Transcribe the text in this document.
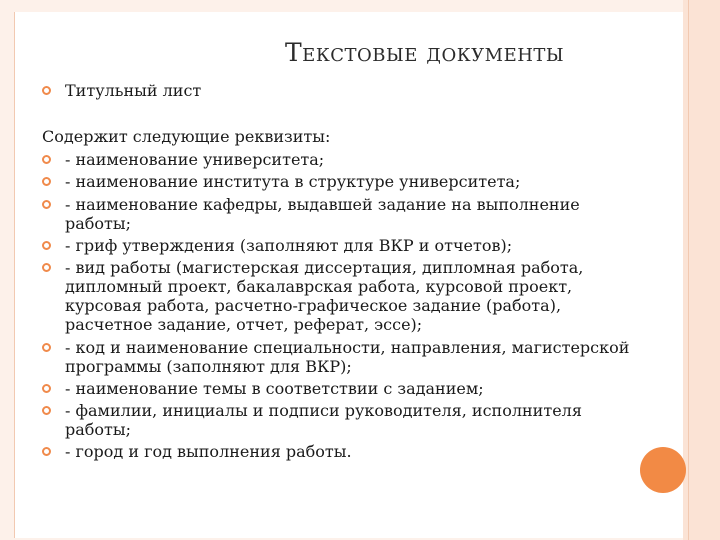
Текстовые документы
Титульный лист
Содержит следующие реквизиты:
- наименование университета;
- наименование института в структуре университета;
- наименование кафедры, выдавшей задание на выполнение
работы;
- гриф утверждения (заполняют для ВКР и отчетов);
- вид работы (магистерская диссертация, дипломная работа,
дипломный проект, бакалаврская работа, курсовой проект,
курсовая работа, расчетно-графическое задание (работа),
расчетное задание, отчет, реферат, эссе);
- код и наименование специальности, направления, магистерской
программы (заполняют для ВКР);
- наименование темы в соответствии с заданием;
- фамилии, инициалы и подписи руководителя, исполнителя
работы;
- город и год выполнения работы.
